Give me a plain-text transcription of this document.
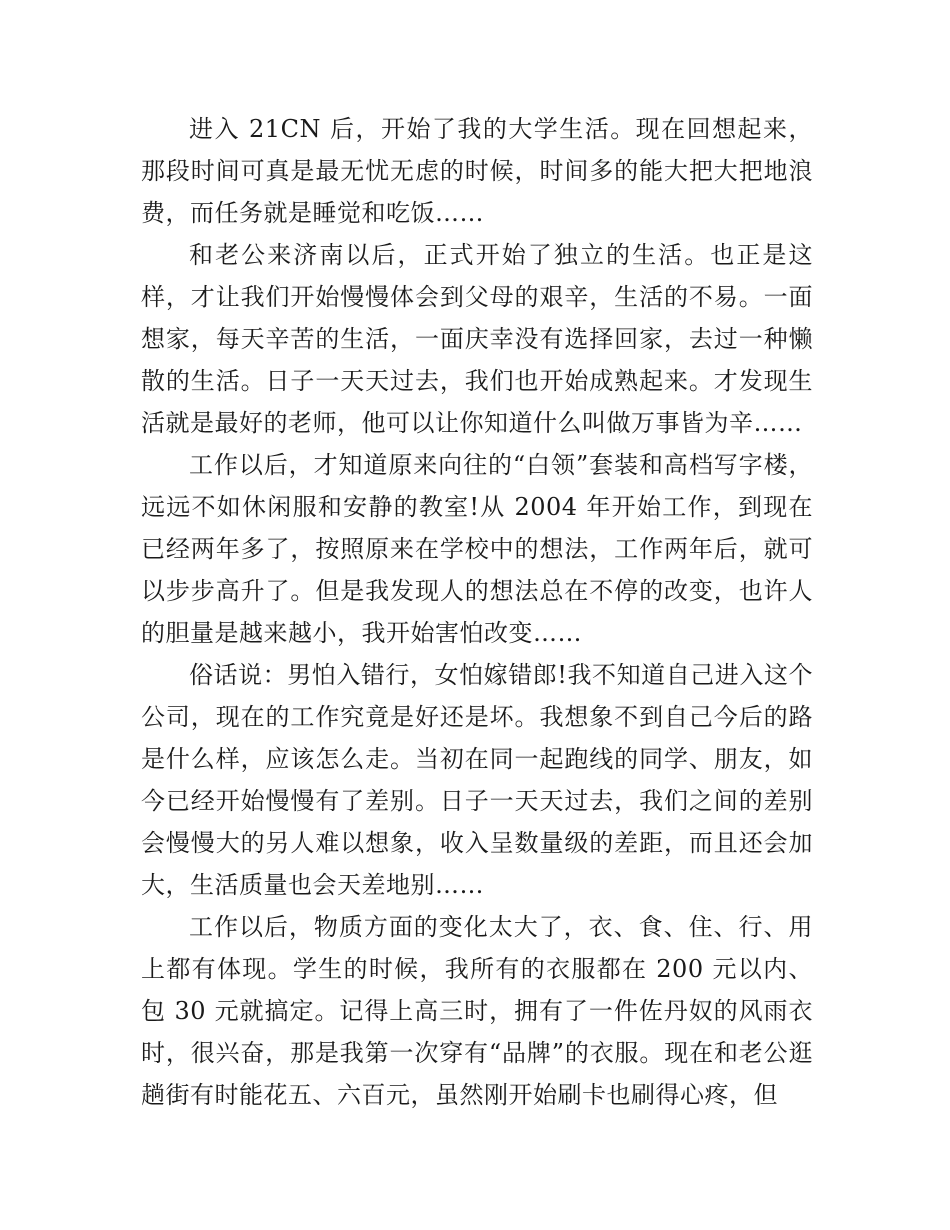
进入 21CN 后，开始了我的大学生活。现在回想起来，那段时间可真是最无忧无虑的时候，时间多的能大把大把地浪费，而任务就是睡觉和吃饭……

和老公来济南以后，正式开始了独立的生活。也正是这样，才让我们开始慢慢体会到父母的艰辛，生活的不易。一面想家，每天辛苦的生活，一面庆幸没有选择回家，去过一种懒散的生活。日子一天天过去，我们也开始成熟起来。才发现生活就是最好的老师，他可以让你知道什么叫做万事皆为辛……

工作以后，才知道原来向往的“白领”套装和高档写字楼，远远不如休闲服和安静的教室!从 2004 年开始工作，到现在已经两年多了，按照原来在学校中的想法，工作两年后，就可以步步高升了。但是我发现人的想法总在不停的改变，也许人的胆量是越来越小，我开始害怕改变……

俗话说：男怕入错行，女怕嫁错郎!我不知道自己进入这个公司，现在的工作究竟是好还是坏。我想象不到自己今后的路是什么样，应该怎么走。当初在同一起跑线的同学、朋友，如今已经开始慢慢有了差别。日子一天天过去，我们之间的差别会慢慢大的另人难以想象，收入呈数量级的差距，而且还会加大，生活质量也会天差地别……

工作以后，物质方面的变化太大了，衣、食、住、行、用上都有体现。学生的时候，我所有的衣服都在 200 元以内、包 30 元就搞定。记得上高三时，拥有了一件佐丹奴的风雨衣时，很兴奋，那是我第一次穿有“品牌”的衣服。现在和老公逛趟街有时能花五、六百元，虽然刚开始刷卡也刷得心疼，但
